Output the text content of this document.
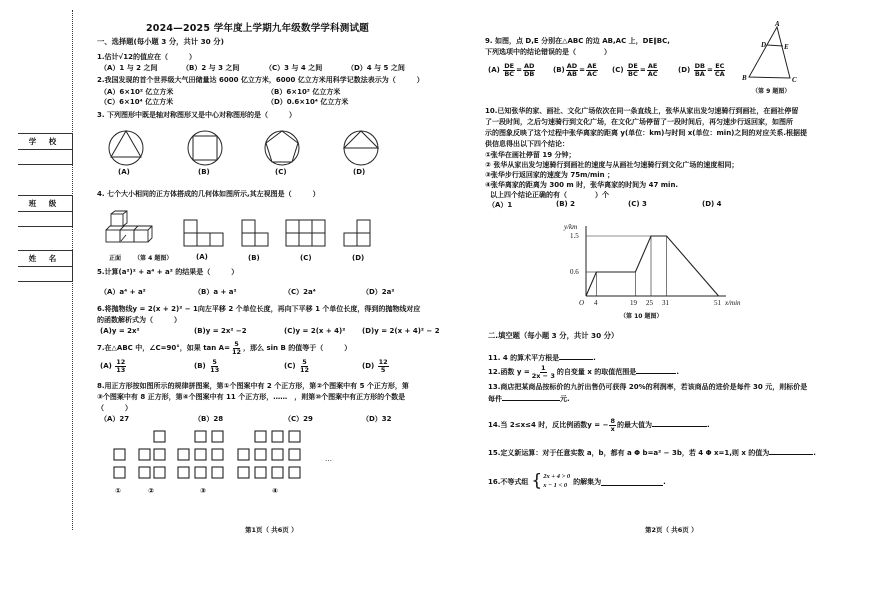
学 校
班 级
姓 名
2024—2025 学年度上学期九年级数学学科测试题
一、选择题(每小题 3 分，共计 30 分)
1.估计√12的值应在（　　　）
（A）1 与 2 之间	（B）2 与 3 之间	（C）3 与 4 之间	（D）4 与 5 之间
2.我国发现的首个世界级大气田储量达 6000 亿立方米，6000 亿立方米用科学记数法表示为（　　　）
（A）6×10² 亿立方米	（B）6×10³ 亿立方米
（C）6×10⁴ 亿立方米	（D）0.6×10⁴ 亿立方米
3. 下列图形中既是轴对称图形又是中心对称图形的是（　　　）
(A)	(B)	(C)	(D)
4. 七个大小相同的正方体搭成的几何体如图所示,其左视图是（　　　）
正面 （第 4 题图）	(A)	(B)	(C)	(D)
5.计算(a²)² + a⁴ + a² 的结果是（　　　）
（A）a⁴ + a²	（B）a + a²	（C）2a⁴	（D）2a²
6.将抛物线y = 2(x + 2)² − 1向左平移 2 个单位长度，再向下平移 1 个单位长度，得到的抛物线对应
的函数解析式为（　　　）
(A)y = 2x²	(B)y = 2x² −2	(C)y = 2(x + 4)² (D)y = 2(x + 4)² − 2
7.在△ABC 中，∠C=90°，如果 $\tan A= \frac{5}{12}$ ，那么 sin B 的值等于（　　　）
$(A) \frac{12}{13}$	$(B) \frac{5}{13}$	$(C) \frac{5}{12}$	$(D) \frac{12}{5}$
8.用正方形按如图所示的规律拼图案，第①个图案中有 2 个正方形，第②个图案中有 5 个正方形，第
③个图案中有 8 正方形，第④个图案中有 11 个正方形，……　，则第⑩个图案中有正方形的个数是
（　　　）
（A）27	（B）28	（C）29	（D）32
…
①	②	③	④
第1页（ 共6页 ）
9. 如图，点 D,E 分别在△ABC 的边 AB,AC 上，DE∥BC,
下列选项中的结论错误的是（　　　　）
$(A) \frac{DE}{BC} = \frac{AD}{DB}$	$(B) \frac{AD}{AB} = \frac{AE}{AC} (C) \frac{DE}{BC} = \frac{AE}{AC}$	$(D) \frac{DB}{BA} = \frac{EC}{CA}$
A
D	E
B	C
（第 9 题图）
10.已知张华的家、画社、文化广场依次在同一条直线上，张华从家出发匀速骑行到画社，在画社停留
了一段时间，之后匀速骑行到文化广场，在文化广场停留了一段时间后，再匀速步行返回家，如图所
示的图象反映了这个过程中张华离家的距离 y(单位：km)与时间 x(单位：min)之间的对应关系.根据提
供信息得出以下四个结论：
①张华在画社停留 19 分钟；
② 张华从家出发匀速骑行到画社的速度与从画社匀速骑行到文化广场的速度相同；
③张华步行返回家的速度为 75m/min ；
④张华离家的距离为 300 m 时，张华离家的时间为 47 min.
以上四个结论正确的有（　　　　）个
（A）1	(B) 2	(C) 3	(D) 4
y/km
1.5
0.6
O 4	19 25 31	51 x/min
（第 10 题图）
二.填空题（每小题 3 分，共计 30 分）
11. 4 的算术平方根是	.
12.函数 $y = \frac{1}{2x - 3}$ 的自变量 x 的取值范围是	.
13.商店把某商品按标价的九折出售仍可获得 20%的利润率，若该商品的进价是每件 30 元，则标价是
每件	元.
14.当 2≤x≤4 时，反比例函数y = − $\frac{8}{x}$ 的最大值为	.
15.定义新运算：对于任意实数 a，b，都有 a Φ b=a² − 3b，若 4 Φ x=1,则 x 的值为	.
16.不等式组 { 2x + 4 > 0
x − 1 < 0 的解集为	.
第2页（ 共6页 ）
